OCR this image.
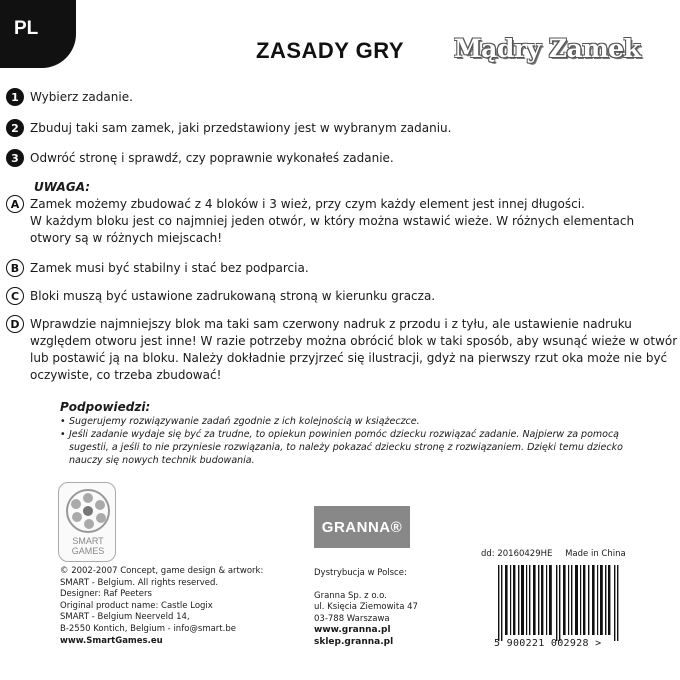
PL
ZASADY GRY Mądry Zamek
1 Wybierz zadanie.
2 Zbuduj taki sam zamek, jaki przedstawiony jest w wybranym zadaniu.
3 Odwróć stronę i sprawdź, czy poprawnie wykonałeś zadanie.
UWAGA:
A Zamek możemy zbudować z 4 bloków i 3 wież, przy czym każdy element jest innej długości.
W każdym bloku jest co najmniej jeden otwór, w który można wstawić wieże. W różnych elementach
otwory są w różnych miejscach!
B Zamek musi być stabilny i stać bez podparcia.
C Bloki muszą być ustawione zadrukowaną stroną w kierunku gracza.
D Wprawdzie najmniejszy blok ma taki sam czerwony nadruk z przodu i z tyłu, ale ustawienie nadruku
względem otworu jest inne! W razie potrzeby można obrócić blok w taki sposób, aby wsunąć wieże w otwór
lub postawić ją na bloku. Należy dokładnie przyjrzeć się ilustracji, gdyż na pierwszy rzut oka może nie być
oczywiste, co trzeba zbudować!
Podpowiedzi:
• Sugerujemy rozwiązywanie zadań zgodnie z ich kolejnością w książeczce.
• Jeśli zadanie wydaje się być za trudne, to opiekun powinien pomóc dziecku rozwiązać zadanie. Najpierw za pomocą
sugestii, a jeśli to nie przyniesie rozwiązania, to należy pokazać dziecku stronę z rozwiązaniem. Dzięki temu dziecko
nauczy się nowych technik budowania.
SMART
GAMES
© 2002-2007 Concept, game design & artwork:
SMART - Belgium. All rights reserved.
Designer: Raf Peeters
Original product name: Castle Logix
SMART - Belgium Neerveld 14,
B-2550 Kontich, Belgium - info@smart.be
www.SmartGames.eu
GRANNA®
Dystrybucja w Polsce:
Granna Sp. z o.o.
ul. Księcia Ziemowita 47
03-788 Warszawa
www.granna.pl
sklep.granna.pl
dd: 20160429HE Made in China
5 900221 002928 >
